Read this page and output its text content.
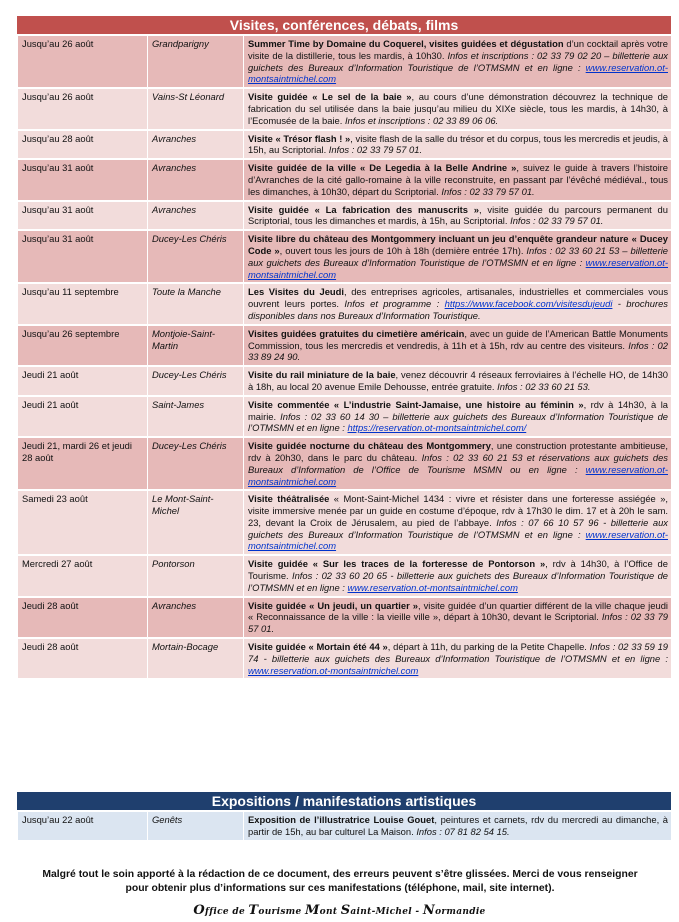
Visites, conférences, débats, films
Jusqu’au 26 août	Grandparigny	Summer Time by Domaine du Coquerel, visites guidées et dégustation d’un cocktail après votre visite de la distillerie, tous les mardis, à 10h30. Infos et inscriptions : 02 33 79 02 20 – billetterie aux guichets des Bureaux d’Information Touristique de l’OTMSMN et en ligne : www.reservation.ot-montsaintmichel.com
Jusqu’au 26 août	Vains-St Léonard	Visite guidée « Le sel de la baie », au cours d’une démonstration découvrez la technique de fabrication du sel utilisée dans la baie jusqu’au milieu du XIXe siècle, tous les mardis, à 14h30, à l’Ecomusée de la baie. Infos et inscriptions : 02 33 89 06 06.
Jusqu’au 28 août	Avranches	Visite « Trésor flash ! », visite flash de la salle du trésor et du corpus, tous les mercredis et jeudis, à 15h, au Scriptorial. Infos : 02 33 79 57 01.
Jusqu’au 31 août	Avranches	Visite guidée de la ville « De Legedia à la Belle Andrine », suivez le guide à travers l’histoire d’Avranches de la cité gallo-romaine à la ville reconstruite, en passant par l’évêché médiéval., tous les dimanches, à 10h30, départ du Scriptorial. Infos : 02 33 79 57 01.
Jusqu’au 31 août	Avranches	Visite guidée « La fabrication des manuscrits », visite guidée du parcours permanent du Scriptorial, tous les dimanches et mardis, à 15h, au Scriptorial. Infos : 02 33 79 57 01.
Jusqu’au 31 août	Ducey-Les Chéris	Visite libre du château des Montgommery incluant un jeu d’enquête grandeur nature « Ducey Code », ouvert tous les jours de 10h à 18h (dernière entrée 17h). Infos : 02 33 60 21 53 – billetterie aux guichets des Bureaux d’Information Touristique de l’OTMSMN et en ligne : www.reservation.ot-montsaintmichel.com
Jusqu’au 11 septembre	Toute la Manche	Les Visites du Jeudi, des entreprises agricoles, artisanales, industrielles et commerciales vous ouvrent leurs portes. Infos et programme : https://www.facebook.com/visitesdujeudi - brochures disponibles dans nos Bureaux d’Information Touristique.
Jusqu’au 26 septembre	Montjoie-Saint-Martin	Visites guidées gratuites du cimetière américain, avec un guide de l’American Battle Monuments Commission, tous les mercredis et vendredis, à 11h et à 15h, rdv au centre des visiteurs. Infos : 02 33 89 24 90.
Jeudi 21 août	Ducey-Les Chéris	Visite du rail miniature de la baie, venez découvrir 4 réseaux ferroviaires à l’échelle HO, de 14h30 à 18h, au local 20 avenue Emile Dehousse, entrée gratuite. Infos : 02 33 60 21 53.
Jeudi 21 août	Saint-James	Visite commentée « L’industrie Saint-Jamaise, une histoire au féminin », rdv à 14h30, à la mairie. Infos : 02 33 60 14 30 – billetterie aux guichets des Bureaux d’Information Touristique de l’OTMSMN et en ligne : https://reservation.ot-montsaintmichel.com/
Jeudi 21, mardi 26 et jeudi 28 août	Ducey-Les Chéris	Visite guidée nocturne du château des Montgommery, une construction protestante ambitieuse, rdv à 20h30, dans le parc du château. Infos : 02 33 60 21 53 et réservations aux guichets des Bureaux d’Information de l’Office de Tourisme MSMN ou en ligne : www.reservation.ot-montsaintmichel.com
Samedi 23 août	Le Mont-Saint-Michel	Visite théâtralisée « Mont-Saint-Michel 1434 : vivre et résister dans une forteresse assiégée », visite immersive menée par un guide en costume d’époque, rdv à 17h30 le dim. 17 et à 20h le sam. 23, devant la Croix de Jérusalem, au pied de l’abbaye. Infos : 07 66 10 57 96 - billetterie aux guichets des Bureaux d’Information Touristique de l’OTMSMN et en ligne : www.reservation.ot-montsaintmichel.com
Mercredi 27 août	Pontorson	Visite guidée « Sur les traces de la forteresse de Pontorson », rdv à 14h30, à l’Office de Tourisme. Infos : 02 33 60 20 65 - billetterie aux guichets des Bureaux d’Information Touristique de l’OTMSMN et en ligne : www.reservation.ot-montsaintmichel.com
Jeudi 28 août	Avranches	Visite guidée « Un jeudi, un quartier », visite guidée d’un quartier différent de la ville chaque jeudi « Reconnaissance de la ville : la vieille ville », départ à 10h30, devant le Scriptorial. Infos : 02 33 79 57 01.
Jeudi 28 août	Mortain-Bocage	Visite guidée « Mortain été 44 », départ à 11h, du parking de la Petite Chapelle. Infos : 02 33 59 19 74 - billetterie aux guichets des Bureaux d’Information Touristique de l’OTMSMN et en ligne : www.reservation.ot-montsaintmichel.com
Expositions / manifestations artistiques
Jusqu’au 22 août	Genêts	Exposition de l’illustratrice Louise Gouet, peintures et carnets, rdv du mercredi au dimanche, à partir de 15h, au bar culturel La Maison. Infos : 07 81 82 54 15.
Malgré tout le soin apporté à la rédaction de ce document, des erreurs peuvent s’être glissées. Merci de vous renseigner pour obtenir plus d’informations sur ces manifestations (téléphone, mail, site internet).
Office de Tourisme Mont Saint-Michel - Normandie
